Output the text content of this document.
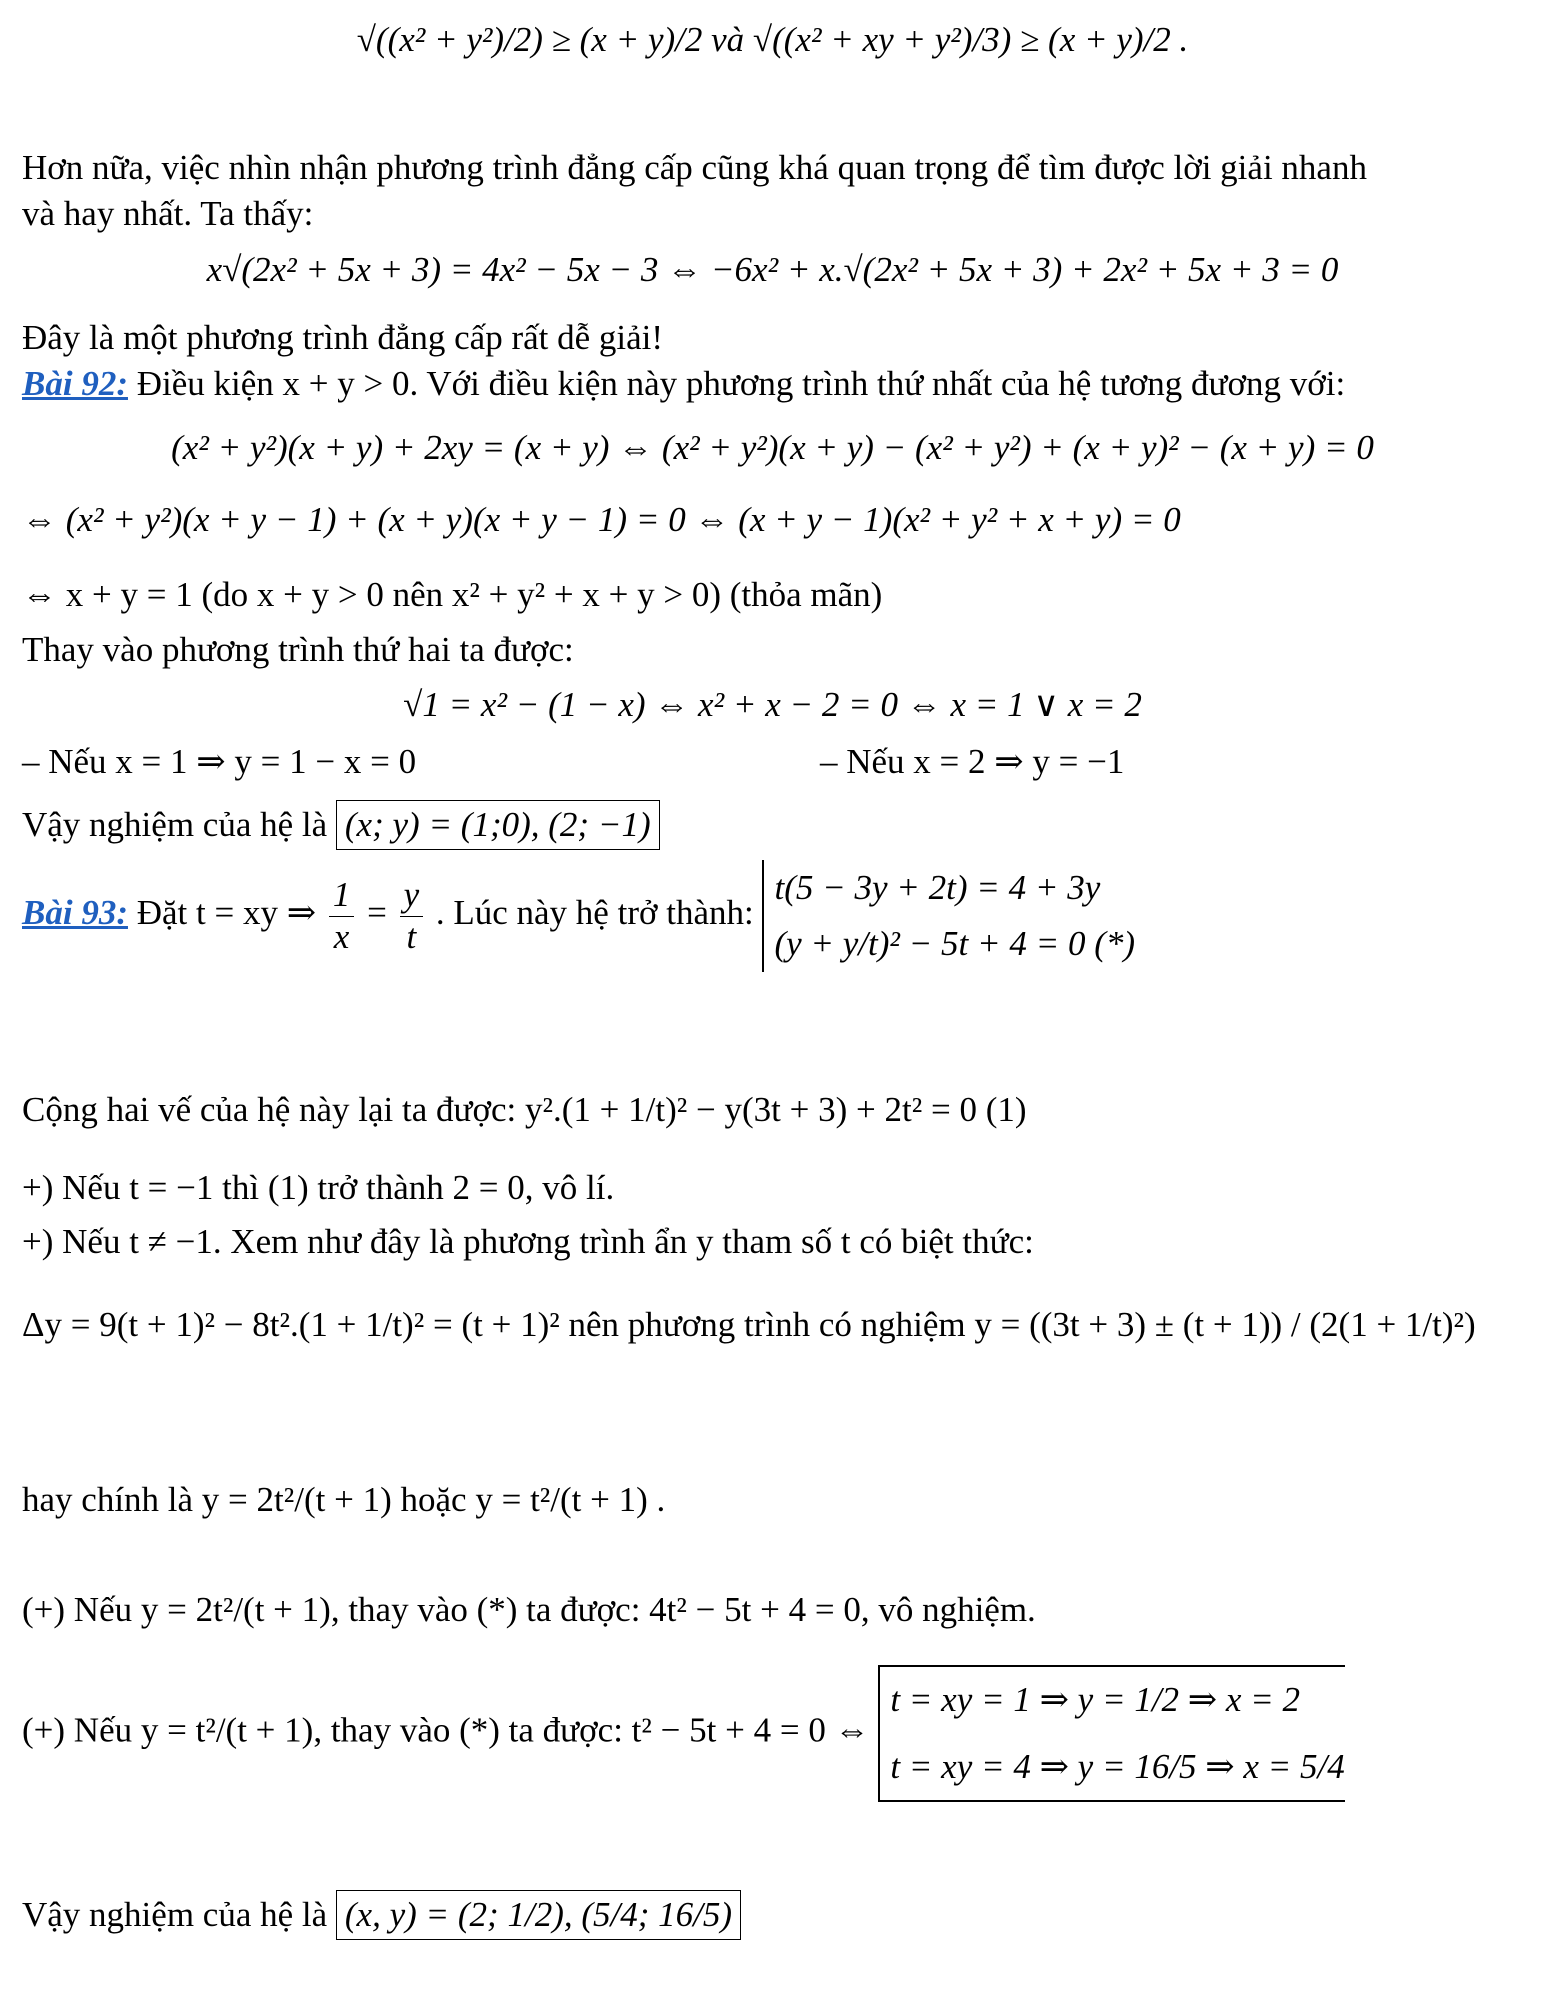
√((x² + y²)/2) ≥ (x + y)/2 và √((x² + xy + y²)/3) ≥ (x + y)/2 .
Hơn nữa, việc nhìn nhận phương trình đẳng cấp cũng khá quan trọng để tìm được lời giải nhanh
và hay nhất. Ta thấy:
x√(2x² + 5x + 3) = 4x² − 5x − 3 ⇔ −6x² + x.√(2x² + 5x + 3) + 2x² + 5x + 3 = 0
Đây là một phương trình đẳng cấp rất dễ giải!
Bài 92: Điều kiện x + y > 0. Với điều kiện này phương trình thứ nhất của hệ tương đương với:
(x² + y²)(x + y) + 2xy = (x + y) ⇔ (x² + y²)(x + y) − (x² + y²) + (x + y)² − (x + y) = 0
⇔ (x² + y²)(x + y − 1) + (x + y)(x + y − 1) = 0 ⇔ (x + y − 1)(x² + y² + x + y) = 0
⇔ x + y = 1 (do x + y > 0 nên x² + y² + x + y > 0) (thỏa mãn)
Thay vào phương trình thứ hai ta được:
√1 = x² − (1 − x) ⇔ x² + x − 2 = 0 ⇔ x = 1 ∨ x = 2
– Nếu x = 1 ⇒ y = 1 − x = 0	– Nếu x = 2 ⇒ y = −1
Vậy nghiệm của hệ là (x; y) = (1;0), (2; −1)
Bài 93: Đặt t = xy ⇒ $\frac{1}{x} = \frac{y}{t}$ . Lúc này hệ trở thành:
t(5 − 3y + 2t) = 4 + 3y
(y + y/t)² − 5t + 4 = 0 (*)
Cộng hai vế của hệ này lại ta được: y².(1 + 1/t)² − y(3t + 3) + 2t² = 0 (1)
+) Nếu t = −1 thì (1) trở thành 2 = 0, vô lí.
+) Nếu t ≠ −1. Xem như đây là phương trình ẩn y tham số t có biệt thức:
Δy = 9(t + 1)² − 8t².(1 + 1/t)² = (t + 1)² nên phương trình có nghiệm y = ((3t + 3) ± (t + 1)) / (2(1 + 1/t)²)
hay chính là y = 2t²/(t + 1) hoặc y = t²/(t + 1) .
(+) Nếu y = 2t²/(t + 1), thay vào (*) ta được: 4t² − 5t + 4 = 0, vô nghiệm.
(+) Nếu y = t²/(t + 1), thay vào (*) ta được: t² − 5t + 4 = 0 ⇔
t = xy = 1 ⇒ y = 1/2 ⇒ x = 2
t = xy = 4 ⇒ y = 16/5 ⇒ x = 5/4
Vậy nghiệm của hệ là (x, y) = (2; 1/2), (5/4; 16/5)
